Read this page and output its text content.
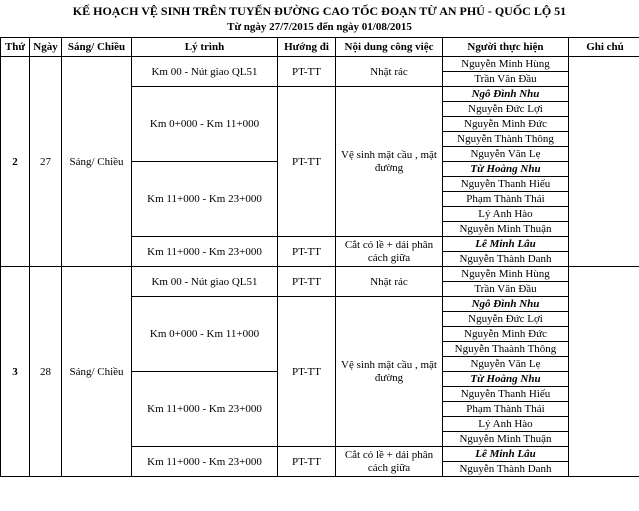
KẾ HOẠCH VỆ SINH TRÊN TUYẾN ĐƯỜNG CAO TỐC ĐOẠN TỪ AN PHÚ - QUỐC LỘ 51
Từ ngày 27/7/2015 đến ngày 01/08/2015
Thứ	Ngày	Sáng/ Chiều	Lý trình	Hướng đi	Nội dung công việc	Người thực hiện	Ghi chú
2	27	Sáng/ Chiều	Km 00 - Nút giao QL51	PT-TT	Nhặt rác	Nguyễn Minh Hùng	
						Trần Văn Đầu	
			Km 0+000 - Km 11+000	PT-TT	Vệ sinh mặt cầu , mặt đường	Ngô Đình Nhu	
						Nguyễn Đức Lợi	
						Nguyễn Minh Đức	
						Nguyễn Thành Thông	
						Nguyễn Văn Lẹ	
			Km 11+000 - Km 23+000			Từ Hoàng Nhu	
						Nguyễn Thanh Hiếu	
						Phạm Thành Thái	
						Lý Anh Hào	
						Nguyễn Minh Thuận	
			Km 11+000 - Km 23+000	PT-TT	Cắt cỏ lề + dải phân cách giữa	Lê Minh Lâu	
						Nguyễn Thành Danh	
3	28	Sáng/ Chiều	Km 00 - Nút giao QL51	PT-TT	Nhặt rác	Nguyễn Minh Hùng	
						Trần Văn Đầu	
			Km 0+000 - Km 11+000	PT-TT	Vệ sinh mặt cầu , mặt đường	Ngô Đình Nhu	
						Nguyễn Đức Lợi	
						Nguyễn Minh Đức	
						Nguyễn Thaành Thông	
						Nguyễn Văn Lẹ	
			Km 11+000 - Km 23+000			Từ Hoàng Nhu	
						Nguyễn Thanh Hiếu	
						Phạm Thành Thái	
						Lý Anh Hào	
						Nguyễn Minh Thuận	
			Km 11+000 - Km 23+000	PT-TT	Cắt cỏ lề + dải phân cách giữa	Lê Minh Lâu	
						Nguyễn Thành Danh	
